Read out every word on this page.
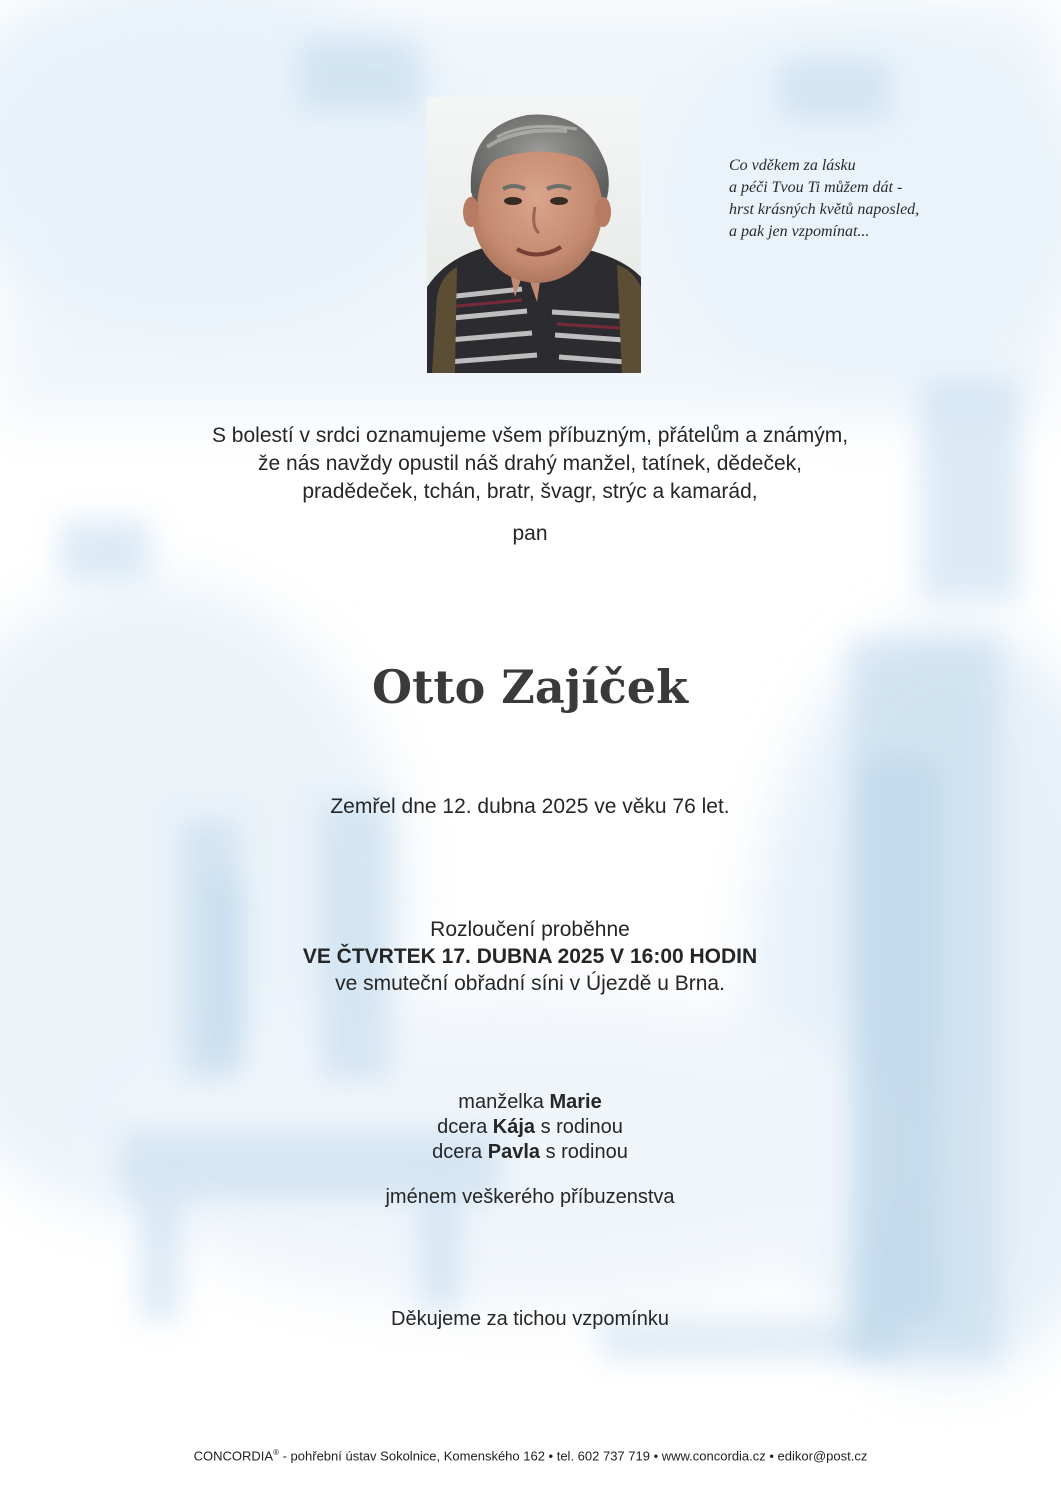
Co vděkem za lásku
a péči Tvou Ti můžem dát -
hrst krásných květů naposled,
a pak jen vzpomínat...
S bolestí v srdci oznamujeme všem příbuzným, přátelům a známým,
že nás navždy opustil náš drahý manžel, tatínek, dědeček,
pradědeček, tchán, bratr, švagr, strýc a kamarád,
pan
Otto Zajíček
Zemřel dne 12. dubna 2025 ve věku 76 let.
Rozloučení proběhne
VE ČTVRTEK 17. DUBNA 2025 V 16:00 HODIN
ve smuteční obřadní síni v Újezdě u Brna.
manželka Marie
dcera Kája s rodinou
dcera Pavla s rodinou
jménem veškerého příbuzenstva
Děkujeme za tichou vzpomínku
CONCORDIA® - pohřební ústav Sokolnice, Komenského 162 • tel. 602 737 719 • www.concordia.cz • edikor@post.cz
